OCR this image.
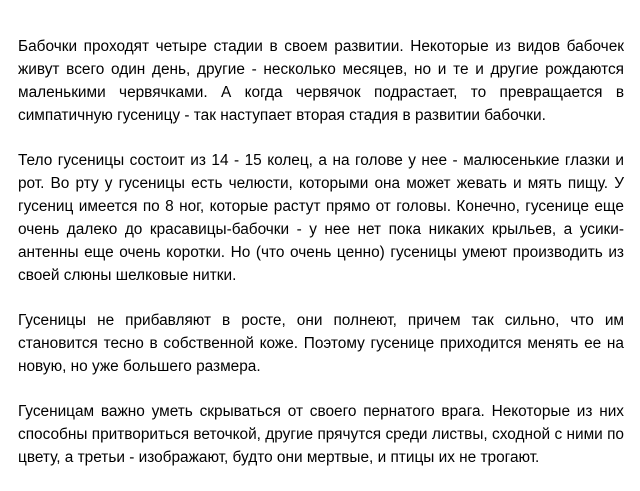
Бабочки проходят четыре стадии в своем развитии. Некоторые из видов бабочек живут всего один день, другие - несколько месяцев, но и те и другие рождаются маленькими червячками. А когда червячок подрастает, то превращается в симпатичную гусеницу - так наступает вторая стадия в развитии бабочки.

Тело гусеницы состоит из 14 - 15 колец, а на голове у нее - малюсенькие глазки и рот. Во рту у гусеницы есть челюсти, которыми она может жевать и мять пищу. У гусениц имеется по 8 ног, которые растут прямо от головы. Конечно, гусенице еще очень далеко до красавицы-бабочки - у нее нет пока никаких крыльев, а усики-антенны еще очень коротки. Но (что очень ценно) гусеницы умеют производить из своей слюны шелковые нитки.

Гусеницы не прибавляют в росте, они полнеют, причем так сильно, что им становится тесно в собственной коже. Поэтому гусенице приходится менять ее на новую, но уже большего размера.

Гусеницам важно уметь скрываться от своего пернатого врага. Некоторые из них способны притвориться веточкой, другие прячутся среди листвы, сходной с ними по цвету, а третьи - изображают, будто они мертвые, и птицы их не трогают.
